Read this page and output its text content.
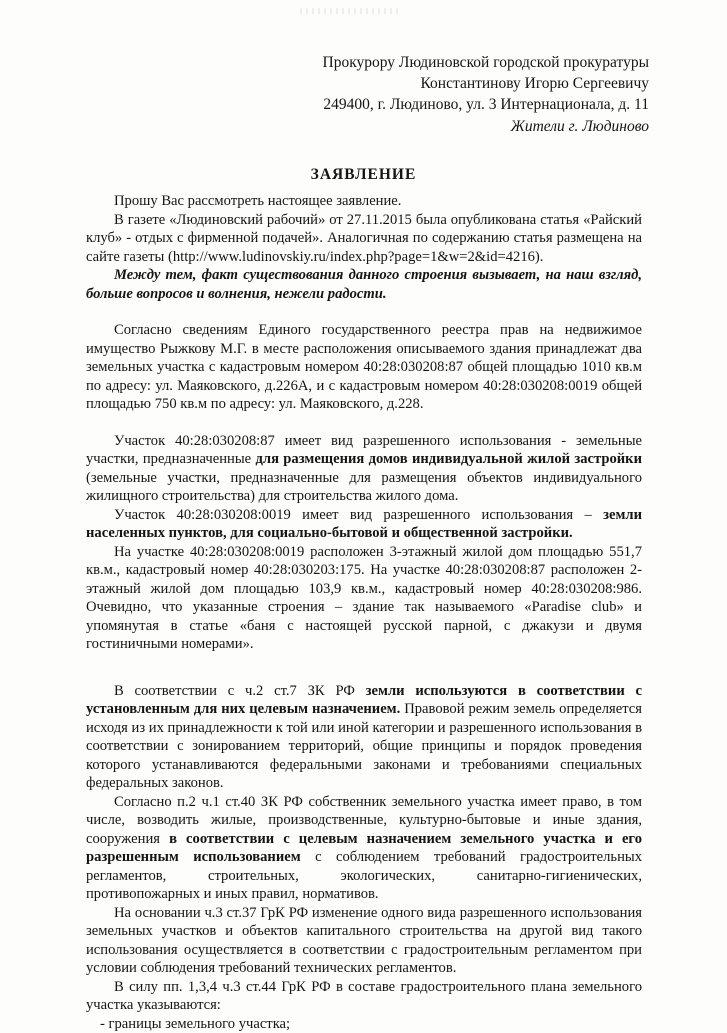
Прокурору Людиновской городской прокуратуры
Константинову Игорю Сергеевичу
249400, г. Людиново, ул. 3 Интернационала, д. 11
Жители г. Людиново
ЗАЯВЛЕНИЕ

Прошу Вас рассмотреть настоящее заявление.

В газете «Людиновский рабочий» от 27.11.2015 была опубликована статья «Райский клуб» - отдых с фирменной подачей». Аналогичная по содержанию статья размещена на сайте газеты (http://www.ludinovskiy.ru/index.php?page=1&w=2&id=4216).

Между тем, факт существования данного строения вызывает, на наш взгляд, больше вопросов и волнения, нежели радости.

Согласно сведениям Единого государственного реестра прав на недвижимое имущество Рыжкову М.Г. в месте расположения описываемого здания принадлежат два земельных участка с кадастровым номером 40:28:030208:87 общей площадью 1010 кв.м по адресу: ул. Маяковского, д.226А, и с кадастровым номером 40:28:030208:0019 общей площадью 750 кв.м по адресу: ул. Маяковского, д.228.

Участок 40:28:030208:87 имеет вид разрешенного использования - земельные участки, предназначенные для размещения домов индивидуальной жилой застройки (земельные участки, предназначенные для размещения объектов индивидуального жилищного строительства) для строительства жилого дома.

Участок 40:28:030208:0019 имеет вид разрешенного использования – земли населенных пунктов, для социально-бытовой и общественной застройки.

На участке 40:28:030208:0019 расположен 3-этажный жилой дом площадью 551,7 кв.м., кадастровый номер 40:28:030203:175. На участке 40:28:030208:87 расположен 2-этажный жилой дом площадью 103,9 кв.м., кадастровый номер 40:28:030208:986. Очевидно, что указанные строения – здание так называемого «Paradise club» и упомянутая в статье «баня с настоящей русской парной, с джакузи и двумя гостиничными номерами».

В соответствии с ч.2 ст.7 ЗК РФ земли используются в соответствии с установленным для них целевым назначением. Правовой режим земель определяется исходя из их принадлежности к той или иной категории и разрешенного использования в соответствии с зонированием территорий, общие принципы и порядок проведения которого устанавливаются федеральными законами и требованиями специальных федеральных законов.

Согласно п.2 ч.1 ст.40 ЗК РФ собственник земельного участка имеет право, в том числе, возводить жилые, производственные, культурно-бытовые и иные здания, сооружения в соответствии с целевым назначением земельного участка и его разрешенным использованием с соблюдением требований градостроительных регламентов, строительных, экологических, санитарно-гигиенических, противопожарных и иных правил, нормативов.

На основании ч.3 ст.37 ГрК РФ изменение одного вида разрешенного использования земельных участков и объектов капитального строительства на другой вид такого использования осуществляется в соответствии с градостроительным регламентом при условии соблюдения требований технических регламентов.

В силу пп. 1,3,4 ч.3 ст.44 ГрК РФ в составе градостроительного плана земельного участка указываются:

- границы земельного участка;
